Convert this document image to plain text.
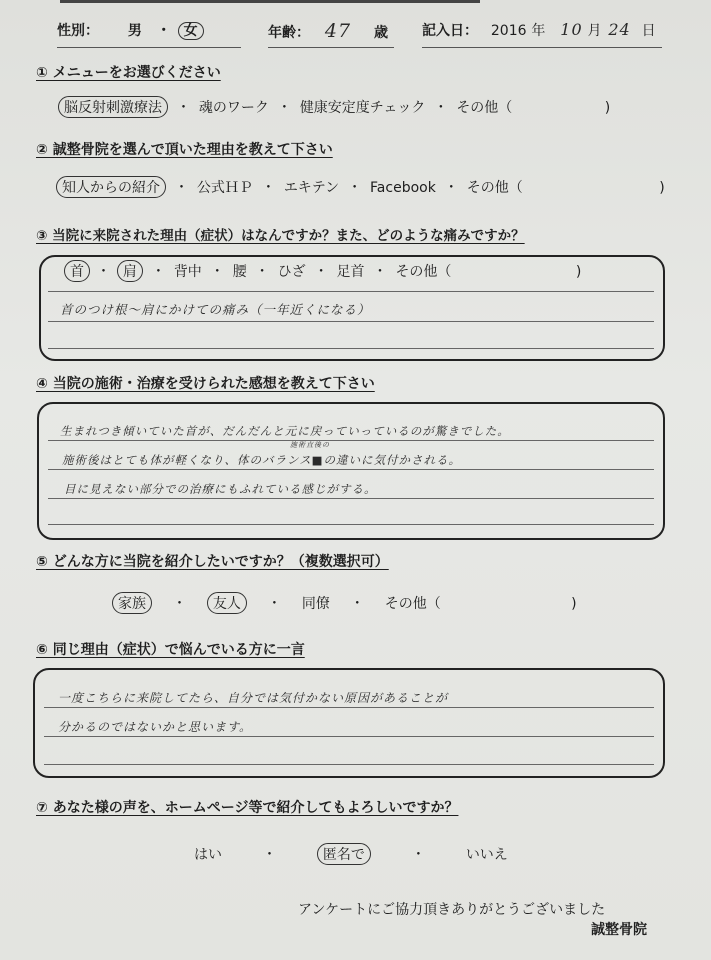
性別： 男 ・ 女	年齢： 47 歳 記入日： 2016 年 10 月 24 日
① メニューをお選びください
脳反射刺激療法 ・ 魂のワーク ・ 健康安定度チェック ・ その他（	)
② 誠整骨院を選んで頂いた理由を教えて下さい
知人からの紹介 ・ 公式ＨＰ ・ エキテン ・ Facebook ・ その他（	)
③ 当院に来院された理由（症状）はなんですか？また、どのような痛みですか？
首 ・ 肩 ・ 背中 ・ 腰 ・ ひざ ・ 足首 ・ その他（	)
首のつけ根～肩にかけての痛み（一年近くになる）
④ 当院の施術・治療を受けられた感想を教えて下さい
生まれつき傾いていた首が、だんだんと元に戻っていっているのが驚きでした。
施術直後の
施術後はとても体が軽くなり、体のバランス■の違いに気付かされる。
目に見えない部分での治療にもふれている感じがする。
⑤ どんな方に当院を紹介したいですか？（複数選択可）
家族 ・ 友人 ・ 同僚 ・ その他（	)
⑥ 同じ理由（症状）で悩んでいる方に一言
一度こちらに来院してたら、自分では気付かない原因があることが
分かるのではないかと思います。
⑦ あなた様の声を、ホームページ等で紹介してもよろしいですか？
はい	・	匿名で	・	いいえ
アンケートにご協力頂きありがとうございました
誠整骨院
